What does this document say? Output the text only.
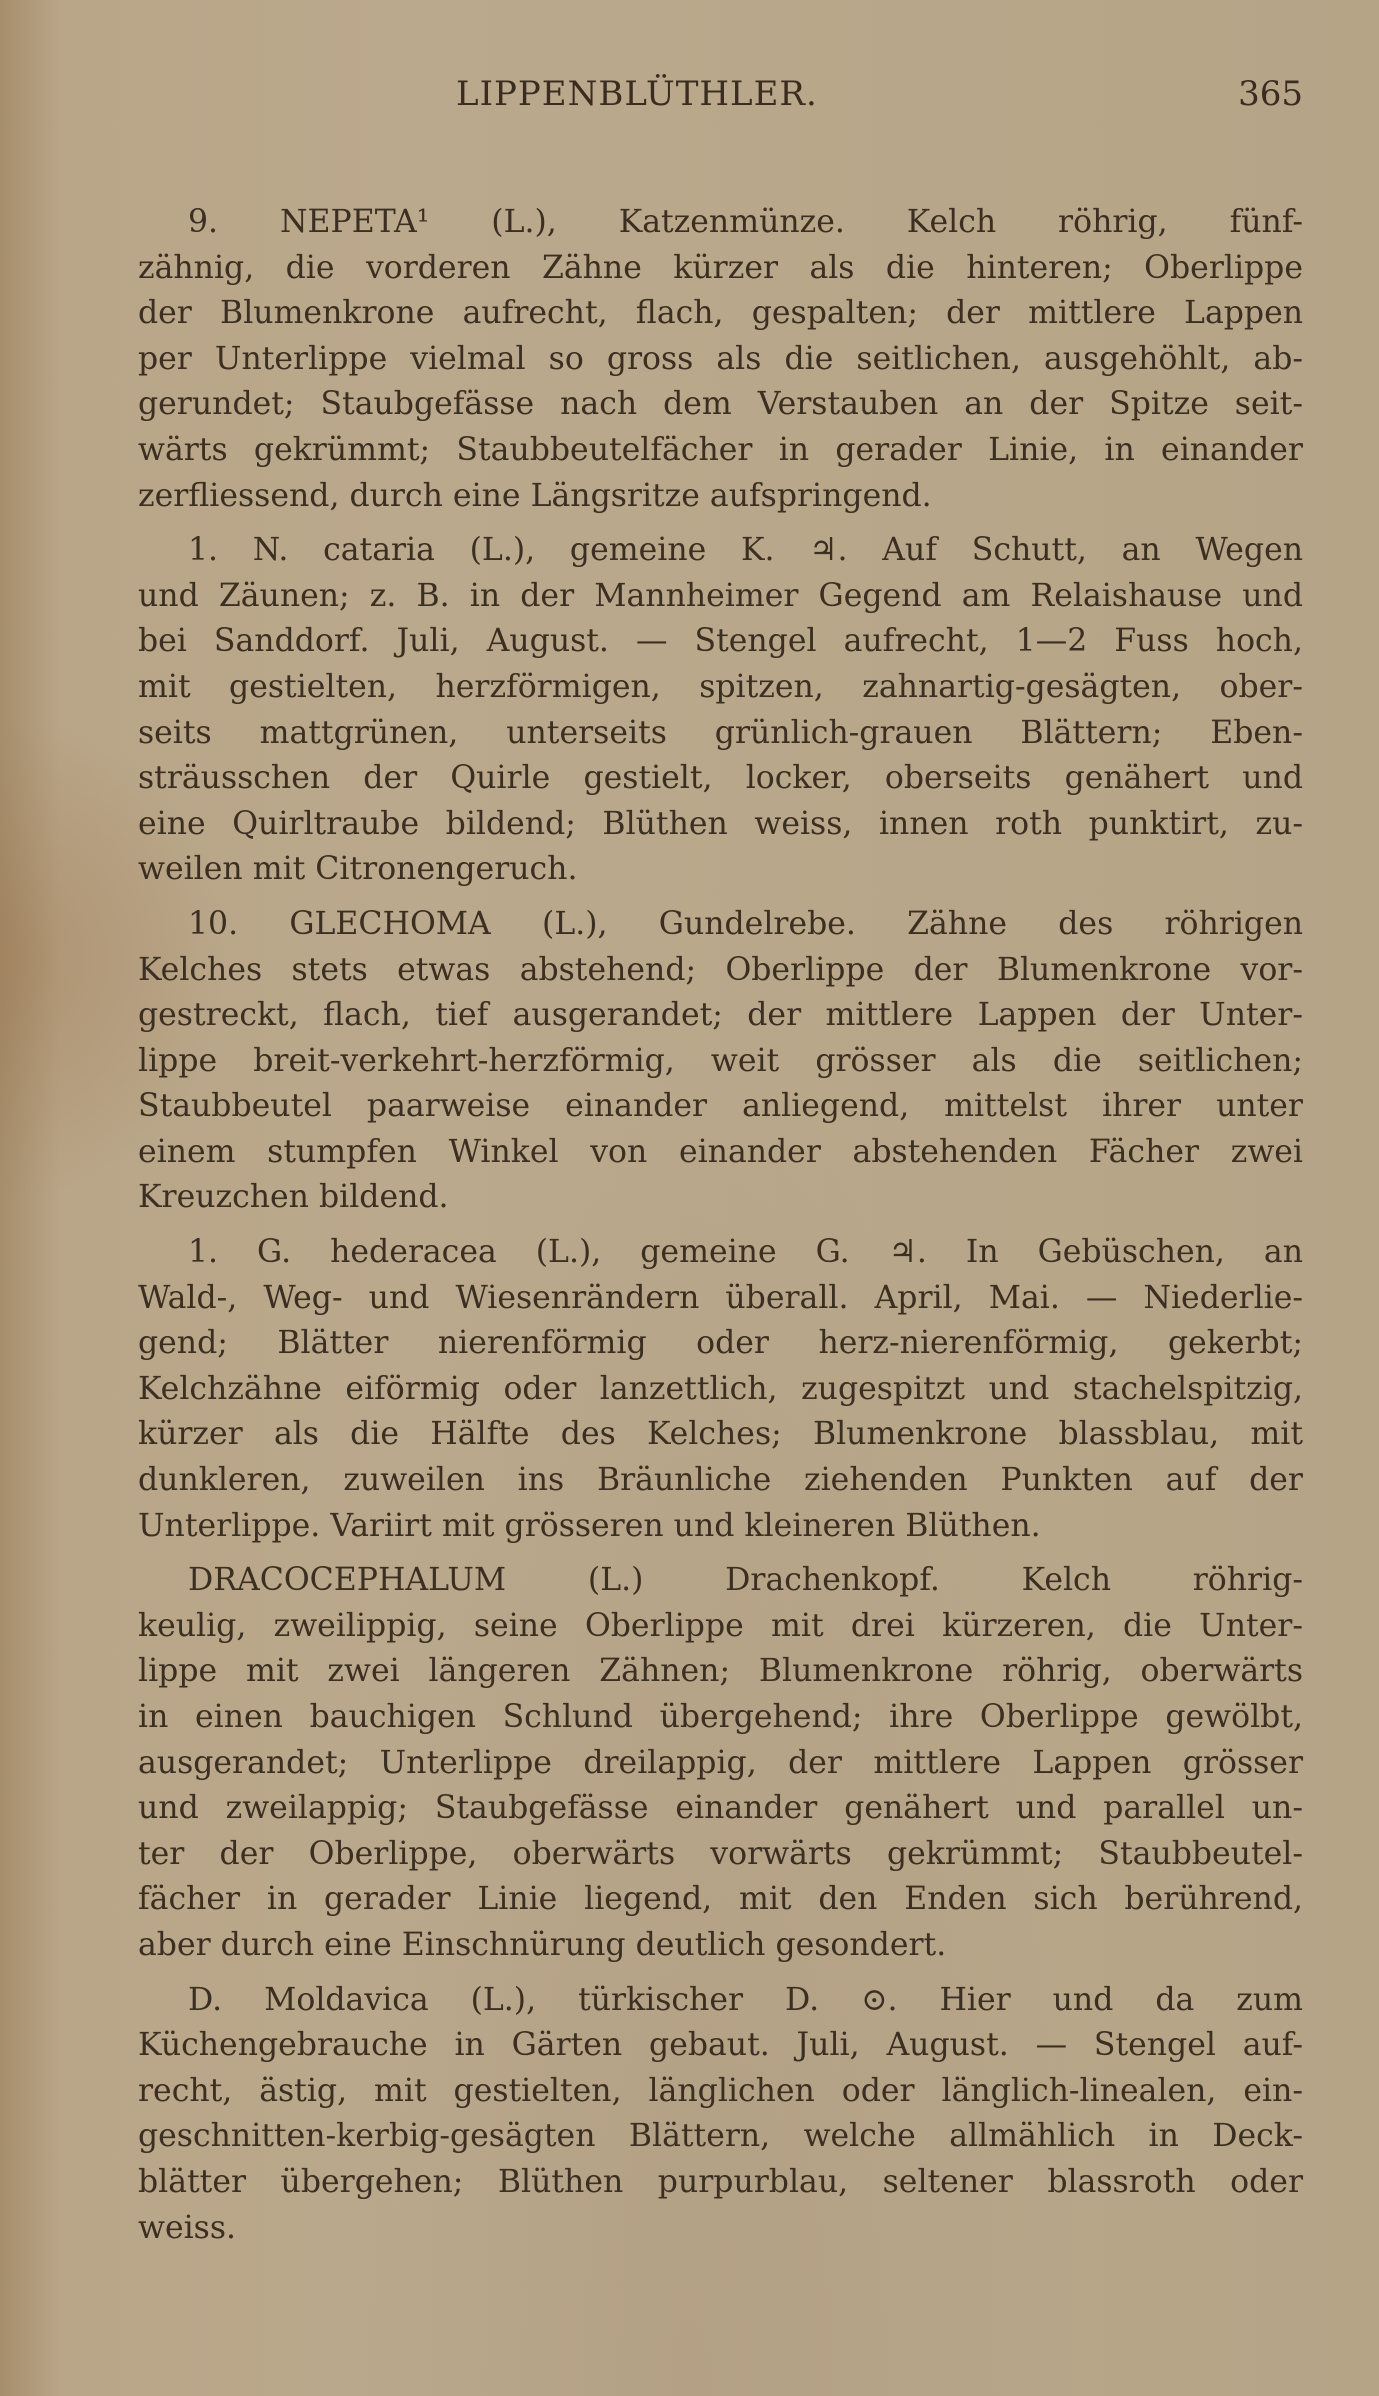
LIPPENBLÜTHLER.	365

9. NEPETA¹ (L.), Katzenmünze. Kelch röhrig, fünf-
zähnig, die vorderen Zähne kürzer als die hinteren; Oberlippe
der Blumenkrone aufrecht, flach, gespalten; der mittlere Lappen
per Unterlippe vielmal so gross als die seitlichen, ausgehöhlt, ab-
gerundet; Staubgefässe nach dem Verstauben an der Spitze seit-
wärts gekrümmt; Staubbeutelfächer in gerader Linie, in einander
zerfliessend, durch eine Längsritze aufspringend.

1. N. cataria (L.), gemeine K. ♃. Auf Schutt, an Wegen
und Zäunen; z. B. in der Mannheimer Gegend am Relaishause und
bei Sanddorf. Juli, August. — Stengel aufrecht, 1—2 Fuss hoch,
mit gestielten, herzförmigen, spitzen, zahnartig-gesägten, ober-
seits mattgrünen, unterseits grünlich-grauen Blättern; Eben-
sträusschen der Quirle gestielt, locker, oberseits genähert und
eine Quirltraube bildend; Blüthen weiss, innen roth punktirt, zu-
weilen mit Citronengeruch.

10. GLECHOMA (L.), Gundelrebe. Zähne des röhrigen
Kelches stets etwas abstehend; Oberlippe der Blumenkrone vor-
gestreckt, flach, tief ausgerandet; der mittlere Lappen der Unter-
lippe breit-verkehrt-herzförmig, weit grösser als die seitlichen;
Staubbeutel paarweise einander anliegend, mittelst ihrer unter
einem stumpfen Winkel von einander abstehenden Fächer zwei
Kreuzchen bildend.

1. G. hederacea (L.), gemeine G. ♃. In Gebüschen, an
Wald-, Weg- und Wiesenrändern überall. April, Mai. — Niederlie-
gend; Blätter nierenförmig oder herz-nierenförmig, gekerbt;
Kelchzähne eiförmig oder lanzettlich, zugespitzt und stachelspitzig,
kürzer als die Hälfte des Kelches; Blumenkrone blassblau, mit
dunkleren, zuweilen ins Bräunliche ziehenden Punkten auf der
Unterlippe. Variirt mit grösseren und kleineren Blüthen.

DRACOCEPHALUM (L.) Drachenkopf. Kelch röhrig-
keulig, zweilippig, seine Oberlippe mit drei kürzeren, die Unter-
lippe mit zwei längeren Zähnen; Blumenkrone röhrig, oberwärts
in einen bauchigen Schlund übergehend; ihre Oberlippe gewölbt,
ausgerandet; Unterlippe dreilappig, der mittlere Lappen grösser
und zweilappig; Staubgefässe einander genähert und parallel un-
ter der Oberlippe, oberwärts vorwärts gekrümmt; Staubbeutel-
fächer in gerader Linie liegend, mit den Enden sich berührend,
aber durch eine Einschnürung deutlich gesondert.

D. Moldavica (L.), türkischer D. ⊙. Hier und da zum
Küchengebrauche in Gärten gebaut. Juli, August. — Stengel auf-
recht, ästig, mit gestielten, länglichen oder länglich-linealen, ein-
geschnitten-kerbig-gesägten Blättern, welche allmählich in Deck-
blätter übergehen; Blüthen purpurblau, seltener blassroth oder
weiss.
